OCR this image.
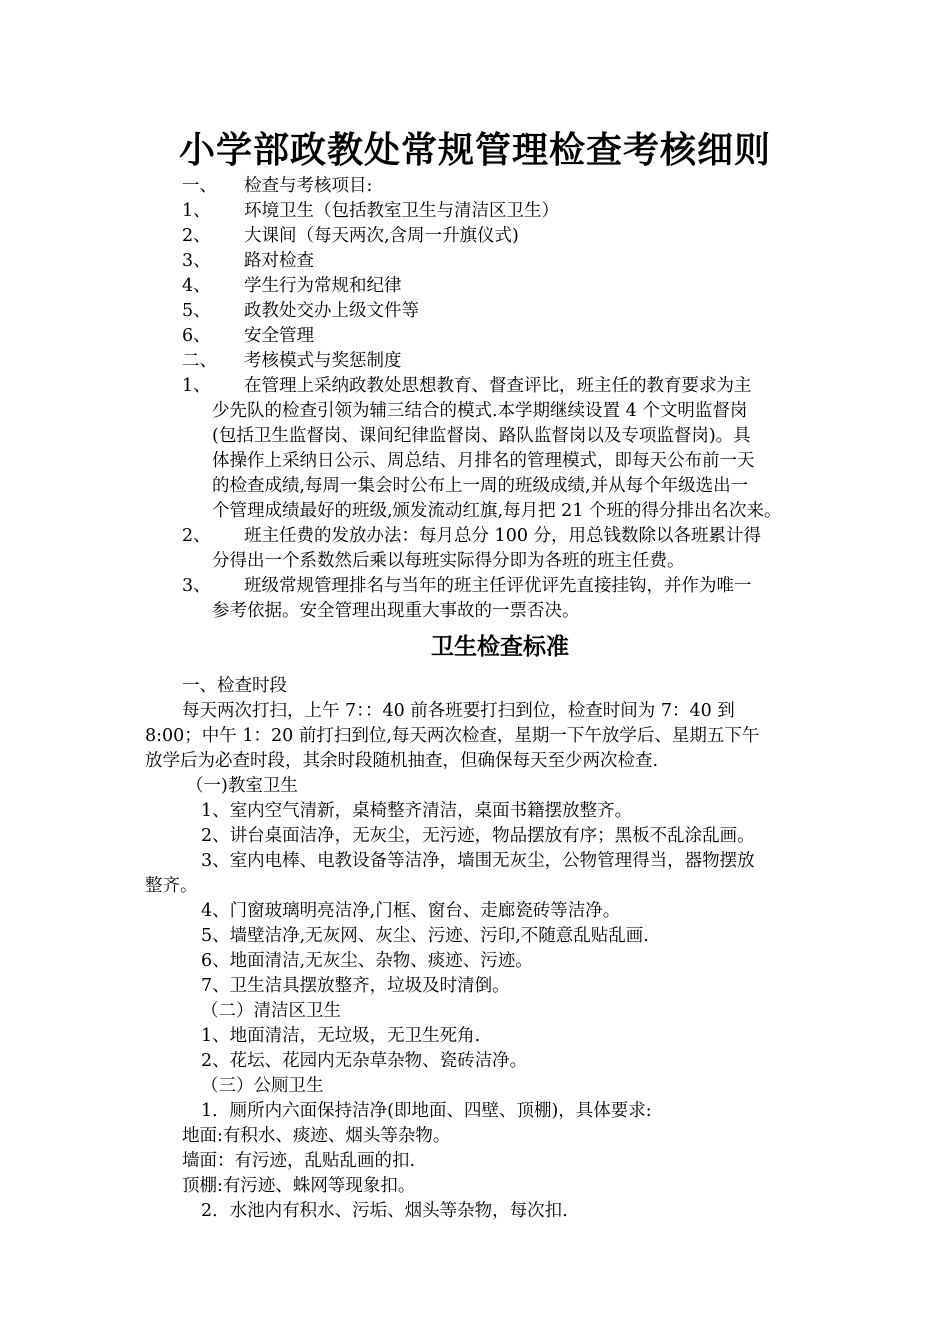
小学部政教处常规管理检查考核细则
一、 检查与考核项目:
1、 环境卫生（包括教室卫生与清洁区卫生）
2、 大课间（每天两次,含周一升旗仪式)
3、 路对检查
4、 学生行为常规和纪律
5、 政教处交办上级文件等
6、 安全管理
二、 考核模式与奖惩制度
1、 在管理上采纳政教处思想教育、督查评比，班主任的教育要求为主
少先队的检查引领为辅三结合的模式.本学期继续设置 4 个文明监督岗
(包括卫生监督岗、课间纪律监督岗、路队监督岗以及专项监督岗)。具
体操作上采纳日公示、周总结、月排名的管理模式，即每天公布前一天
的检查成绩,每周一集会时公布上一周的班级成绩,并从每个年级选出一
个管理成绩最好的班级,颁发流动红旗,每月把 21 个班的得分排出名次来。
2、 班主任费的发放办法：每月总分 100 分，用总钱数除以各班累计得
分得出一个系数然后乘以每班实际得分即为各班的班主任费。
3、 班级常规管理排名与当年的班主任评优评先直接挂钩，并作为唯一
参考依据。安全管理出现重大事故的一票否决。
卫生检查标准
一、检查时段
每天两次打扫，上午 7：：40 前各班要打扫到位，检查时间为 7：40 到
8:00；中午 1：20 前打扫到位,每天两次检查，星期一下午放学后、星期五下午
放学后为必查时段，其余时段随机抽查，但确保每天至少两次检查.
（一)教室卫生
1、室内空气清新，桌椅整齐清洁，桌面书籍摆放整齐。
2、讲台桌面洁净，无灰尘，无污迹，物品摆放有序；黑板不乱涂乱画。
3、室内电棒、电教设备等洁净，墙围无灰尘，公物管理得当，器物摆放
整齐。
4、门窗玻璃明亮洁净,门框、窗台、走廊瓷砖等洁净。
5、墙壁洁净,无灰网、灰尘、污迹、污印,不随意乱贴乱画.
6、地面清洁,无灰尘、杂物、痰迹、污迹。
7、卫生洁具摆放整齐，垃圾及时清倒。
（二）清洁区卫生
1、地面清洁，无垃圾，无卫生死角.
2、花坛、花园内无杂草杂物、瓷砖洁净。
（三）公厕卫生
1．厕所内六面保持洁净(即地面、四壁、顶棚)，具体要求:
地面:有积水、痰迹、烟头等杂物。
墙面：有污迹，乱贴乱画的扣.
顶棚:有污迹、蛛网等现象扣。
2．水池内有积水、污垢、烟头等杂物，每次扣.
